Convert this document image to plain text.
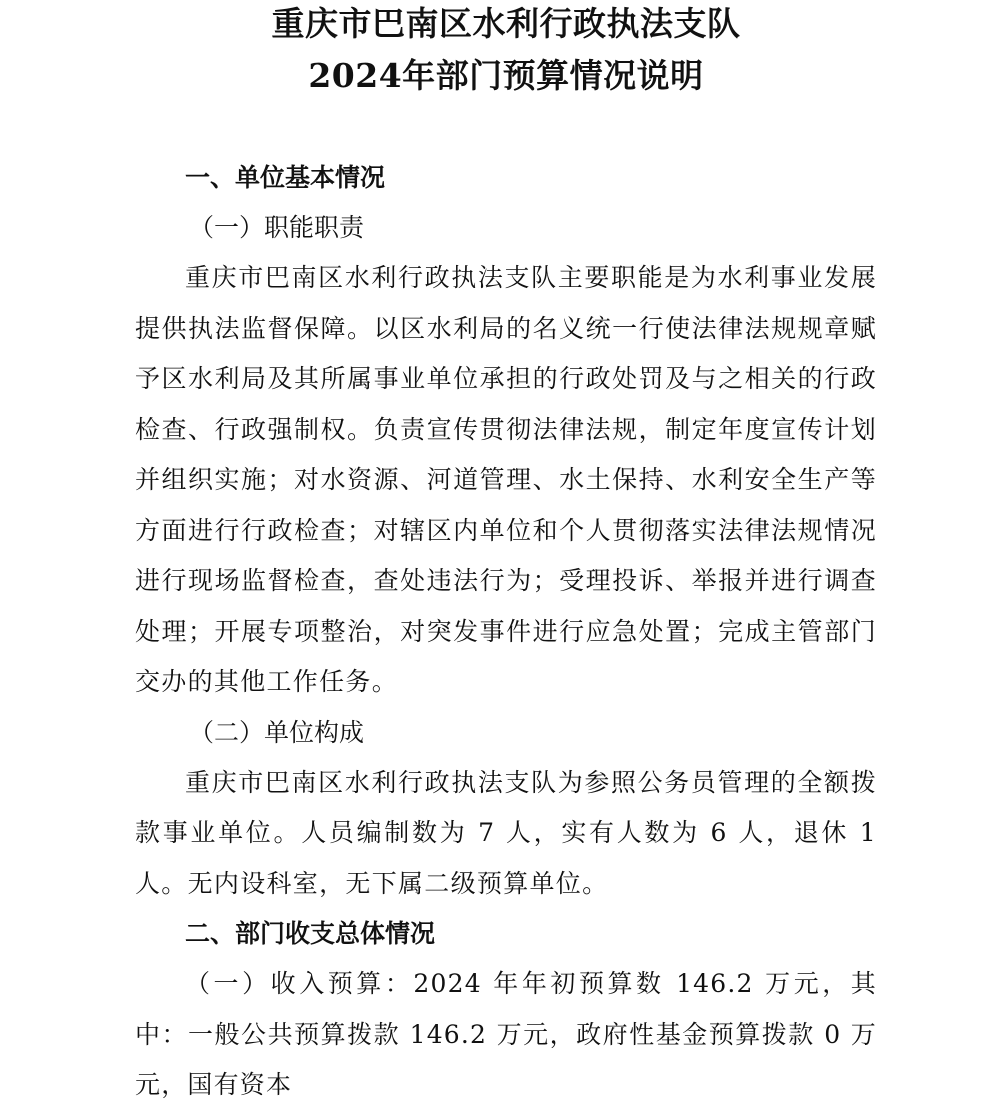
重庆市巴南区水利行政执法支队
2024年部门预算情况说明
一、单位基本情况
（一）职能职责

重庆市巴南区水利行政执法支队主要职能是为水利事业发展提供执法监督保障。以区水利局的名义统一行使法律法规规章赋予区水利局及其所属事业单位承担的行政处罚及与之相关的行政检查、行政强制权。负责宣传贯彻法律法规，制定年度宣传计划并组织实施；对水资源、河道管理、水土保持、水利安全生产等方面进行行政检查；对辖区内单位和个人贯彻落实法律法规情况进行现场监督检查，查处违法行为；受理投诉、举报并进行调查处理；开展专项整治，对突发事件进行应急处置；完成主管部门交办的其他工作任务。

（二）单位构成

重庆市巴南区水利行政执法支队为参照公务员管理的全额拨款事业单位。人员编制数为 7 人，实有人数为 6 人，退休 1 人。无内设科室，无下属二级预算单位。

二、部门收支总体情况

（一）收入预算：2024 年年初预算数 146.2 万元，其中：一般公共预算拨款 146.2 万元，政府性基金预算拨款 0 万元，国有资本
